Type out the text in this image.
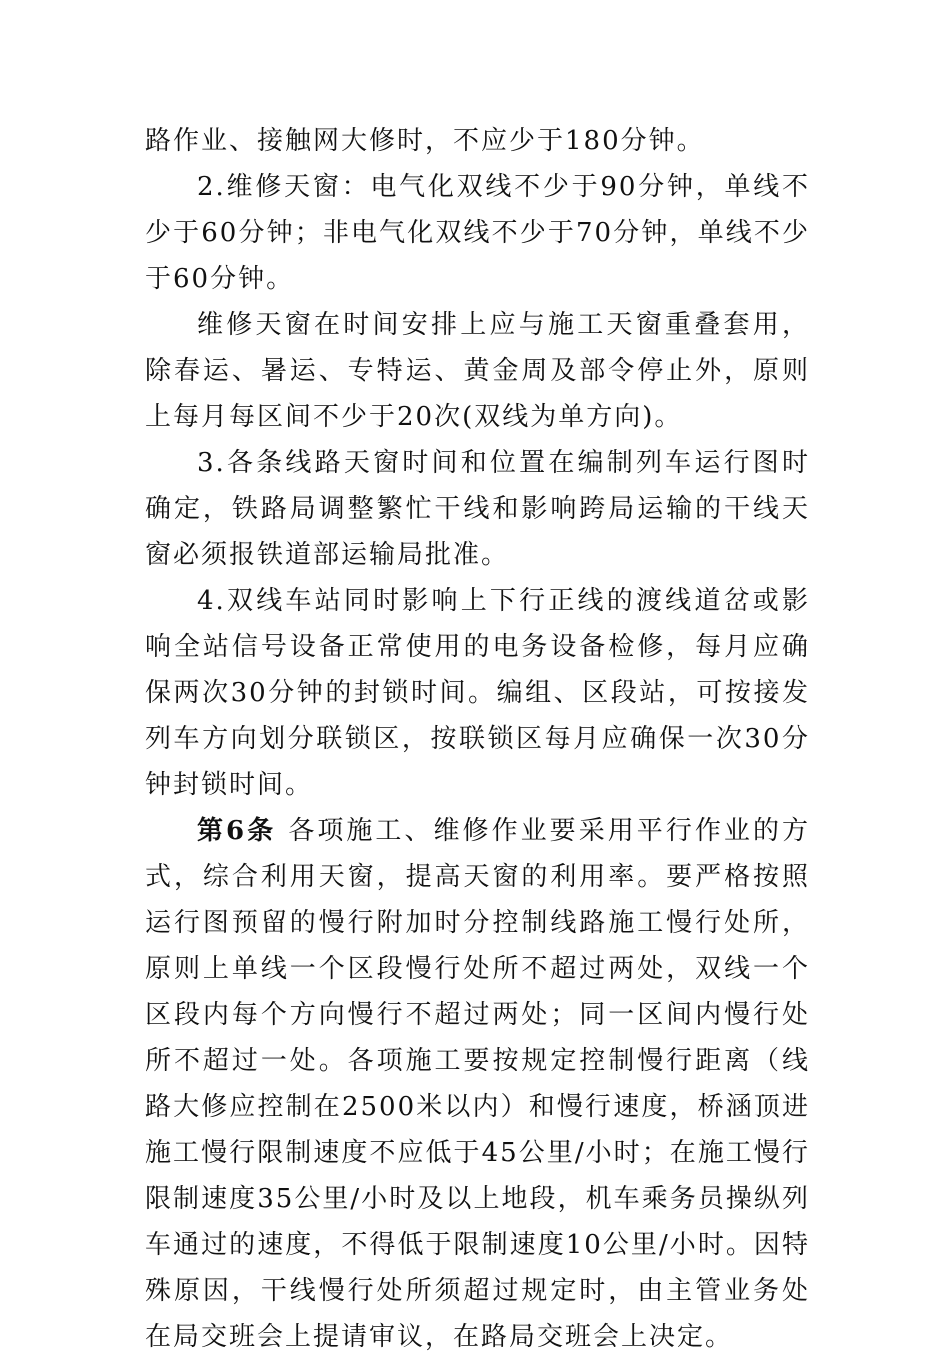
路作业、接触网大修时，不应少于180分钟。

2.维修天窗：电气化双线不少于90分钟，单线不少于60分钟；非电气化双线不少于70分钟，单线不少于60分钟。

维修天窗在时间安排上应与施工天窗重叠套用，除春运、暑运、专特运、黄金周及部令停止外，原则上每月每区间不少于20次(双线为单方向)。

3.各条线路天窗时间和位置在编制列车运行图时确定，铁路局调整繁忙干线和影响跨局运输的干线天窗必须报铁道部运输局批准。

4.双线车站同时影响上下行正线的渡线道岔或影响全站信号设备正常使用的电务设备检修，每月应确保两次30分钟的封锁时间。编组、区段站，可按接发列车方向划分联锁区，按联锁区每月应确保一次30分钟封锁时间。

第6条 各项施工、维修作业要采用平行作业的方式，综合利用天窗，提高天窗的利用率。要严格按照运行图预留的慢行附加时分控制线路施工慢行处所，原则上单线一个区段慢行处所不超过两处，双线一个区段内每个方向慢行不超过两处；同一区间内慢行处所不超过一处。各项施工要按规定控制慢行距离（线路大修应控制在2500米以内）和慢行速度，桥涵顶进施工慢行限制速度不应低于45公里/小时；在施工慢行限制速度35公里/小时及以上地段，机车乘务员操纵列车通过的速度，不得低于限制速度10公里/小时。因特殊原因，干线慢行处所须超过规定时，由主管业务处在局交班会上提请审议，在路局交班会上决定。
